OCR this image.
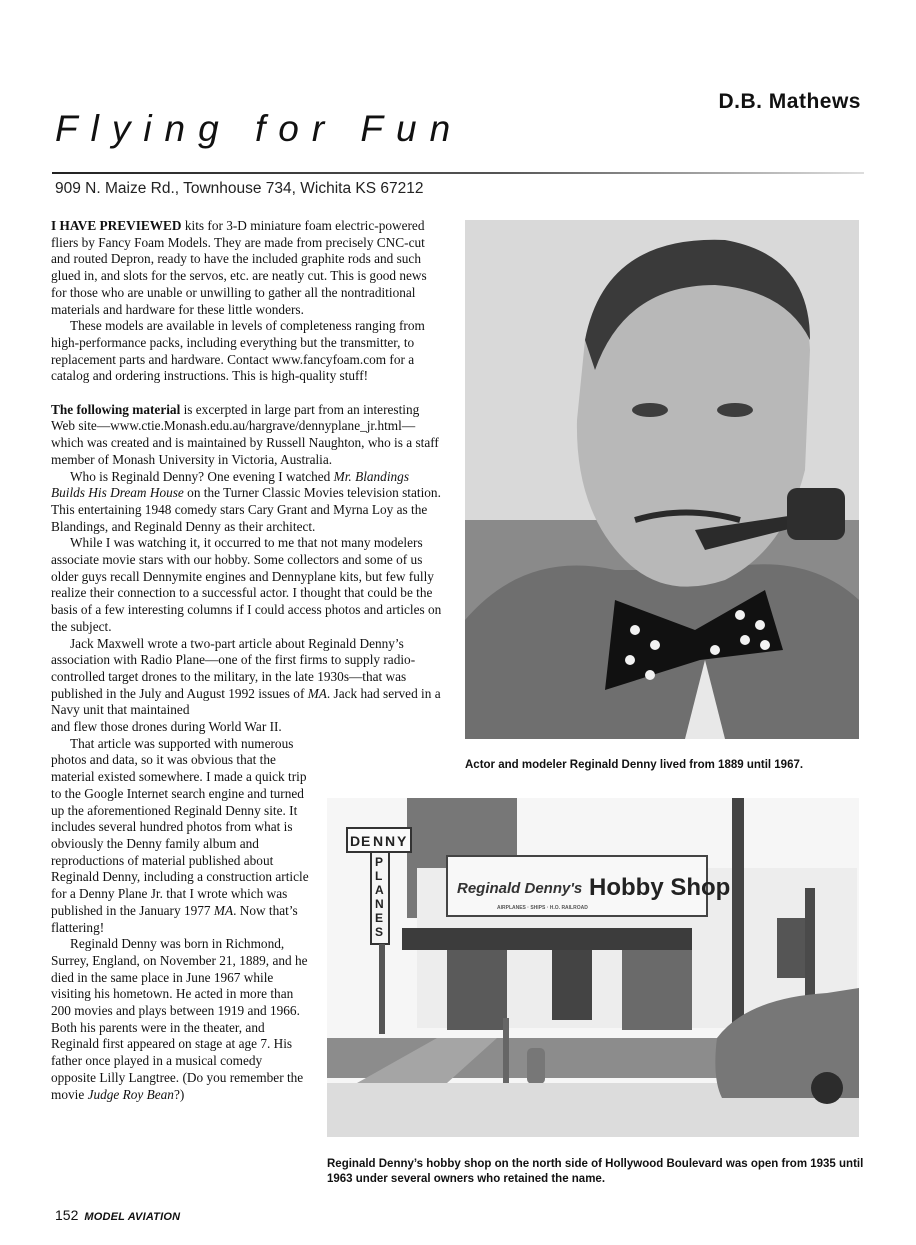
D.B. Mathews
Flying for Fun
909 N. Maize Rd., Townhouse 734, Wichita KS 67212

I HAVE PREVIEWED kits for 3-D miniature foam electric-powered fliers by Fancy Foam Models. They are made from precisely CNC-cut and routed Depron, ready to have the included graphite rods and such glued in, and slots for the servos, etc. are neatly cut. This is good news for those who are unable or unwilling to gather all the nontraditional materials and hardware for these little wonders.

These models are available in levels of completeness ranging from high-performance packs, including everything but the transmitter, to replacement parts and hardware. Contact www.fancyfoam.com for a catalog and ordering instructions. This is high-quality stuff!

The following material is excerpted in large part from an interesting Web site—www.ctie.Monash.edu.au/hargrave/dennyplane_jr.html—which was created and is maintained by Russell Naughton, who is a staff member of Monash University in Victoria, Australia.

Who is Reginald Denny? One evening I watched Mr. Blandings Builds His Dream House on the Turner Classic Movies television station. This entertaining 1948 comedy stars Cary Grant and Myrna Loy as the Blandings, and Reginald Denny as their architect.

While I was watching it, it occurred to me that not many modelers associate movie stars with our hobby. Some collectors and some of us older guys recall Dennymite engines and Dennyplane kits, but few fully realize their connection to a successful actor. I thought that could be the basis of a few interesting columns if I could access photos and articles on the subject.

Jack Maxwell wrote a two-part article about Reginald Denny’s association with Radio Plane—one of the first firms to supply radio-controlled target drones to the military, in the late 1930s—that was published in the July and August 1992 issues of MA. Jack had served in a Navy unit that maintained

and flew those drones during World War II.

That article was supported with numerous photos and data, so it was obvious that the material existed somewhere. I made a quick trip to the Google Internet search engine and turned up the aforementioned Reginald Denny site. It includes several hundred photos from what is obviously the Denny family album and reproductions of material published about Reginald Denny, including a construction article for a Denny Plane Jr. that I wrote which was published in the January 1977 MA. Now that’s flattering!

Reginald Denny was born in Richmond, Surrey, England, on November 21, 1889, and he died in the same place in June 1967 while visiting his hometown. He acted in more than 200 movies and plays between 1919 and 1966. Both his parents were in the theater, and Reginald first appeared on stage at age 7. His father once played in a musical comedy opposite Lilly Langtree. (Do you remember the movie Judge Roy Bean?)

Actor and modeler Reginald Denny lived from 1889 until 1967.
Reginald Denny's Hobby Shop
AIRPLANES · SHIPS · H.O. RAILROAD
D E N N Y
P
L
A
N
E
S
Reginald Denny’s hobby shop on the north side of Hollywood Boulevard was open from 1935 until 1963 under several owners who retained the name.
152 MODEL AVIATION
